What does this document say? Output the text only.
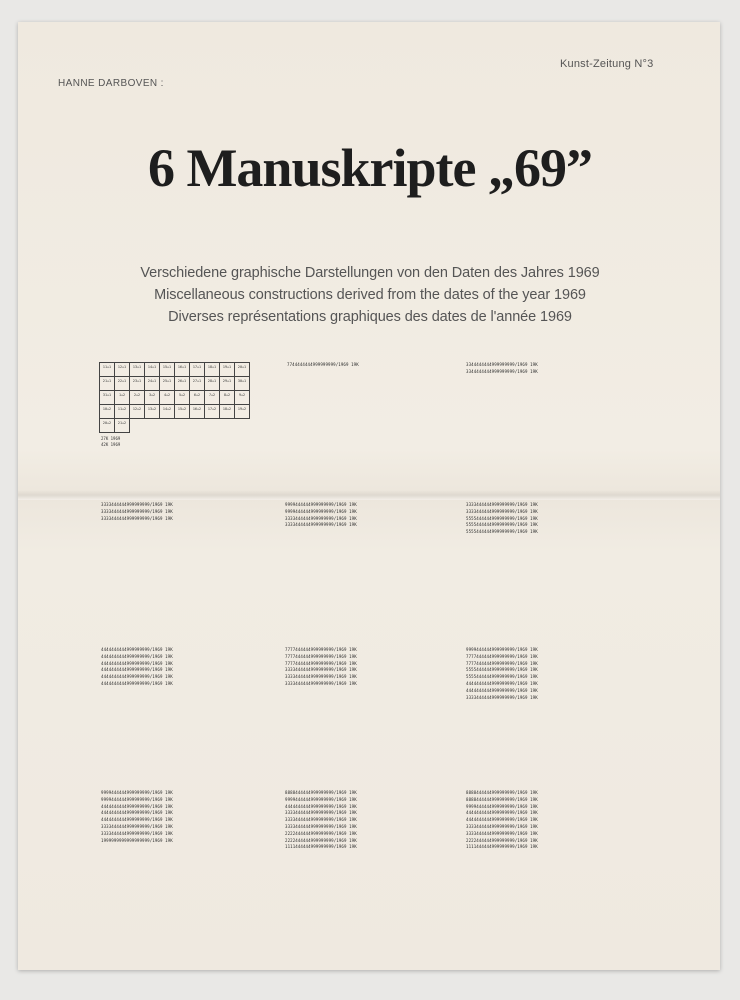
Kunst-Zeitung N°3
HANNE DARBOVEN :
6 Manuskripte „69”
Verschiedene graphische Darstellungen von den Daten des Jahres 1969
Miscellaneous constructions derived from the dates of the year 1969
Diverses représentations graphiques des dates de l'année 1969
11+1	12+1	13+1	14+1	15+1	16+1	17+1	18+1	19+1	20+1
21+1	22+1	23+1	24+1	25+1	26+1	27+1	28+1	29+1	30+1
31+1	1+2	2+2	3+2	4+2	5+2	6+2	7+2	8+2	9+2
10+2	11+2	12+2	13+2	14+2	15+2	16+2	17+2	18+2	19+2
20+2	21+2
27K 1969
42K 1969
7744444444999999999/1969 19K	3344444444999999999/1969 19K
3344444444999999999/1969 19K
3333444444999999999/1969 19K
3333444444999999999/1969 19K
3333444444999999999/1969 19K
9999444444999999999/1969 19K
9999444444999999999/1969 19K
3333444444999999999/1969 19K
3333444444999999999/1969 19K
3333444444999999999/1969 19K
3333444444999999999/1969 19K
5555444444999999999/1969 19K
5555444444999999999/1969 19K
5555444444999999999/1969 19K
4444444444999999999/1969 19K
4444444444999999999/1969 19K
4444444444999999999/1969 19K
4444444444999999999/1969 19K
4444444444999999999/1969 19K
4444444444999999999/1969 19K
7777444444999999999/1969 19K
7777444444999999999/1969 19K
7777444444999999999/1969 19K
3333444444999999999/1969 19K
3333444444999999999/1969 19K
3333444444999999999/1969 19K
9999444444999999999/1969 19K
7777444444999999999/1969 19K
7777444444999999999/1969 19K
5555444444999999999/1969 19K
5555444444999999999/1969 19K
4444444444999999999/1969 19K
4444444444999999999/1969 19K
3333444444999999999/1969 19K
9999444444999999999/1969 19K
9999444444999999999/1969 19K
4444444444999999999/1969 19K
4444444444999999999/1969 19K
4444444444999999999/1969 19K
3333444444999999999/1969 19K
3333444444999999999/1969 19K
1999999999999999999/1969 19K
8888444444999999999/1969 19K
9999444444999999999/1969 19K
4444444444999999999/1969 19K
3333444444999999999/1969 19K
3333444444999999999/1969 19K
3333444444999999999/1969 19K
2222444444999999999/1969 19K
2222444444999999999/1969 19K
1111444444999999999/1969 19K
8888444444999999999/1969 19K
8888444444999999999/1969 19K
9999444444999999999/1969 19K
4444444444999999999/1969 19K
4444444444999999999/1969 19K
3333444444999999999/1969 19K
3333444444999999999/1969 19K
2222444444999999999/1969 19K
1111444444999999999/1969 19K
